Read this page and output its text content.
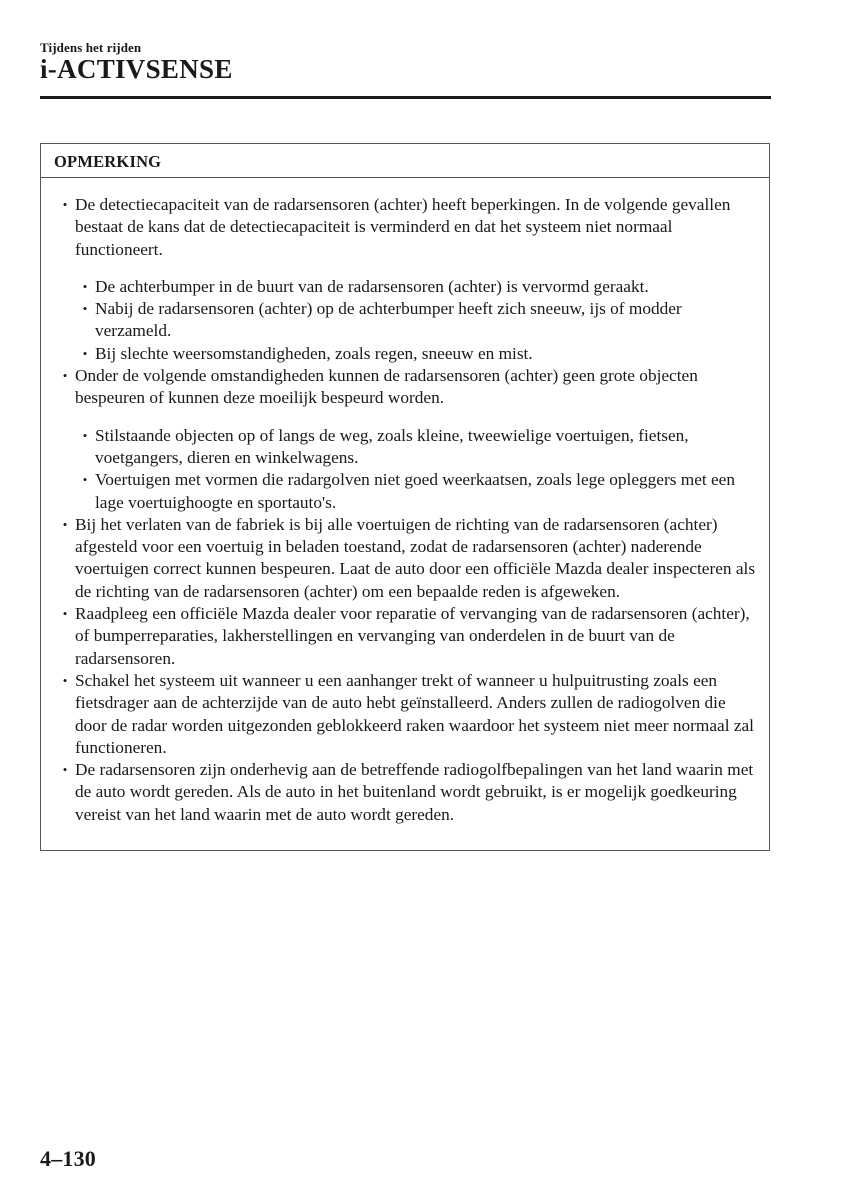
Tijdens het rijden
i-ACTIVSENSE
OPMERKING
• De detectiecapaciteit van de radarsensoren (achter) heeft beperkingen. In de volgende gevallen bestaat de kans dat de detectiecapaciteit is verminderd en dat het systeem niet normaal functioneert.
• De achterbumper in de buurt van de radarsensoren (achter) is vervormd geraakt.
• Nabij de radarsensoren (achter) op de achterbumper heeft zich sneeuw, ijs of modder verzameld.
• Bij slechte weersomstandigheden, zoals regen, sneeuw en mist.
• Onder de volgende omstandigheden kunnen de radarsensoren (achter) geen grote objecten bespeuren of kunnen deze moeilijk bespeurd worden.
• Stilstaande objecten op of langs de weg, zoals kleine, tweewielige voertuigen, fietsen, voetgangers, dieren en winkelwagens.
• Voertuigen met vormen die radargolven niet goed weerkaatsen, zoals lege opleggers met een lage voertuighoogte en sportauto's.
• Bij het verlaten van de fabriek is bij alle voertuigen de richting van de radarsensoren (achter) afgesteld voor een voertuig in beladen toestand, zodat de radarsensoren (achter) naderende voertuigen correct kunnen bespeuren. Laat de auto door een officiële Mazda dealer inspecteren als de richting van de radarsensoren (achter) om een bepaalde reden is afgeweken.
• Raadpleeg een officiële Mazda dealer voor reparatie of vervanging van de radarsensoren (achter), of bumperreparaties, lakherstellingen en vervanging van onderdelen in de buurt van de radarsensoren.
• Schakel het systeem uit wanneer u een aanhanger trekt of wanneer u hulpuitrusting zoals een fietsdrager aan de achterzijde van de auto hebt geïnstalleerd. Anders zullen de radiogolven die door de radar worden uitgezonden geblokkeerd raken waardoor het systeem niet meer normaal zal functioneren.
• De radarsensoren zijn onderhevig aan de betreffende radiogolfbepalingen van het land waarin met de auto wordt gereden. Als de auto in het buitenland wordt gebruikt, is er mogelijk goedkeuring vereist van het land waarin met de auto wordt gereden.
4–130
